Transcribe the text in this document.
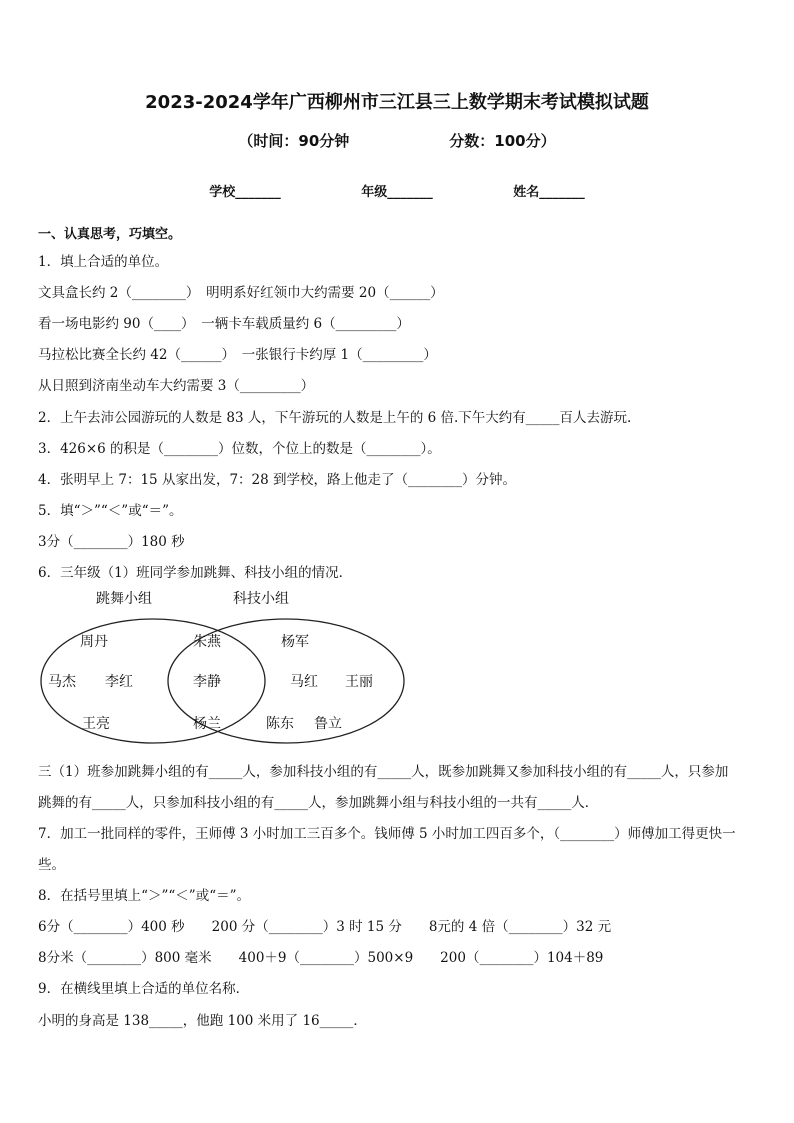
2023-2024学年广西柳州市三江县三上数学期末考试模拟试题
（时间：90分钟	分数：100分）
学校_______	年级_______	姓名_______
一、认真思考，巧填空。
1．填上合适的单位。
文具盒长约 2（________）　明明系好红领巾大约需要 20（______）
看一场电影约 90（____）　一辆卡车载质量约 6（_________）
马拉松比赛全长约 42（______）　一张银行卡约厚 1（_________）
从日照到济南坐动车大约需要 3（_________）
2．上午去沛公园游玩的人数是 83 人，下午游玩的人数是上午的 6 倍.下午大约有_____百人去游玩.
3．426×6 的积是（________）位数，个位上的数是（________）。
4．张明早上 7：15 从家出发，7：28 到学校，路上他走了（________）分钟。
5．填“＞”“＜”或“＝”。
3分（________）180 秒
6．三年级（1）班同学参加跳舞、科技小组的情况．
跳舞小组	科技小组
周丹
马杰 李红
王亮
朱燕
李静
杨兰
杨军
马红 王丽
陈东 鲁立
三（1）班参加跳舞小组的有_____人，参加科技小组的有_____人，既参加跳舞又参加科技小组的有_____人，只参加
跳舞的有_____人，只参加科技小组的有_____人，参加跳舞小组与科技小组的一共有_____人．
7．加工一批同样的零件，王师傅 3 小时加工三百多个。钱师傅 5 小时加工四百多个，（________）师傅加工得更快一
些。
8．在括号里填上“＞”“＜”或“＝”。
6分（________）400 秒　　200 分（________）3 时 15 分　　8元的 4 倍（________）32 元
8分米（________）800 毫米　　400＋9（________）500×9　　200（________）104＋89
9．在横线里填上合适的单位名称．
小明的身高是 138_____，他跑 100 米用了 16_____．
